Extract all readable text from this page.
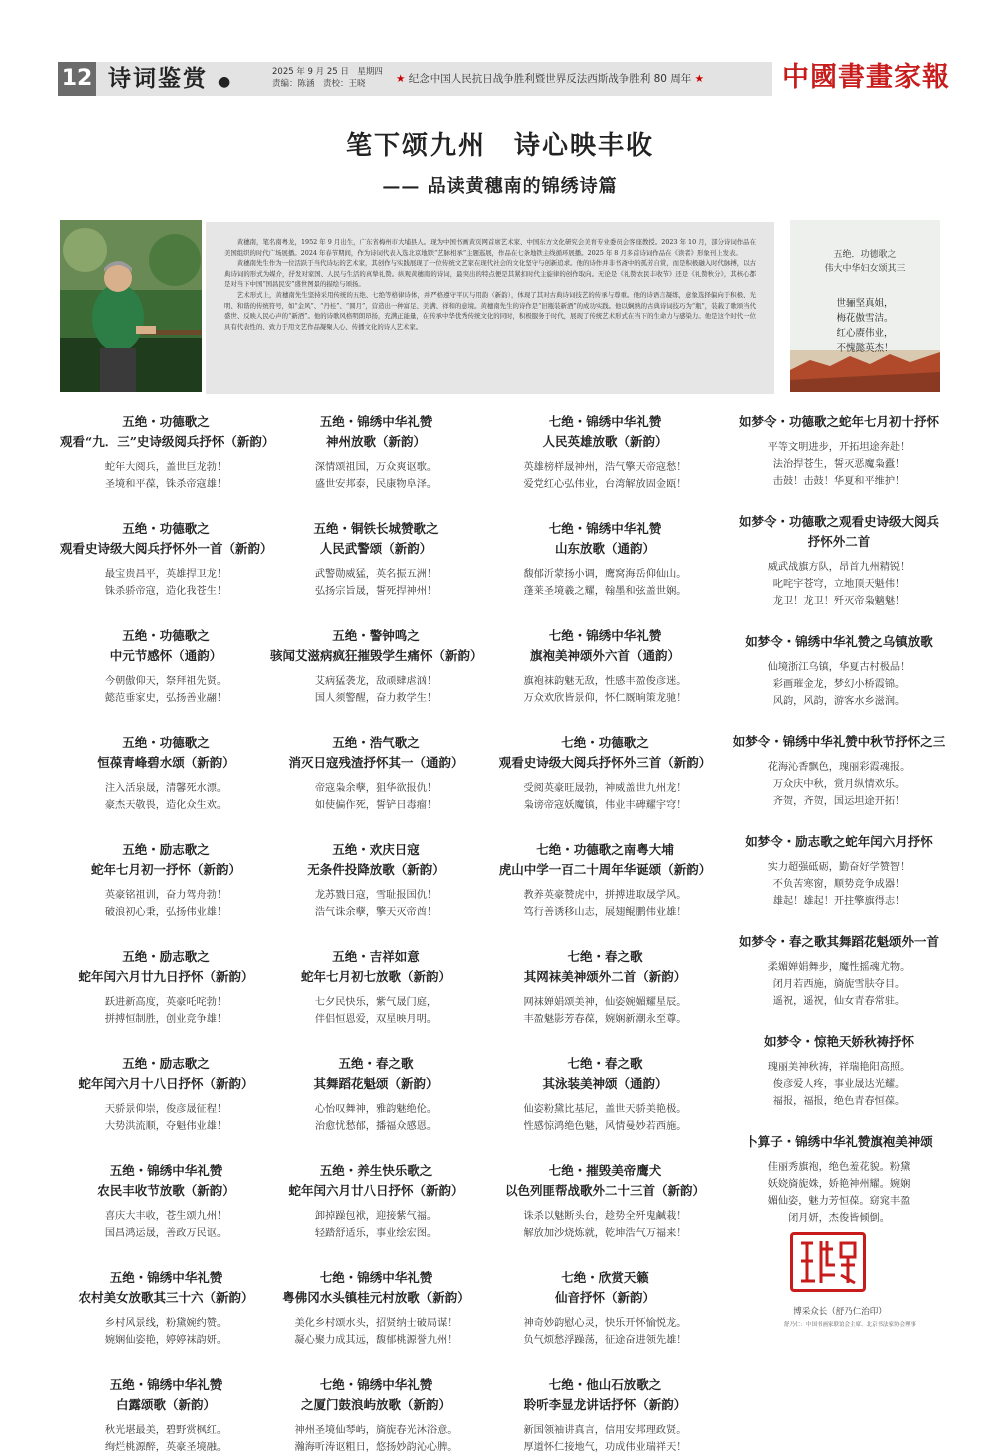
12 诗词鉴赏 ●
2025 年 9 月 25 日　星期四
责编：陈涵　责校：王晓	★ 纪念中国人民抗日战争胜利暨世界反法西斯战争胜利 80 周年 ★	中國書畫家報
笔下颂九州　诗心映丰收
—— 品读黄穗南的锦绣诗篇

黄穗南，笔名南粤龙，1952 年 9 月出生，广东省梅州市大埔县人。现为中国书画黄页网首席艺术家、中国东方文化研究会美育专业委员会客座教授。2023 年 10 月，部分诗词作品在美国组织的时代广场展播。2024 年春节期间，作为诗词代表入选北京地铁“艺脉相承”主题巡展，作品在七条地铁主线循环展播。2025 年 8 月多首诗词作品在《读者》形象刊上发表。

黄穗南先生作为一位活跃于当代诗坛的艺术家，其创作与实践展现了一位传统文艺家在现代社会的文化坚守与创新追求。他的诗作并非书斋中的孤芳自赏，而是积极融入时代脉搏，以古典诗词的形式为媒介，抒发对家国、人民与生活的真挚礼赞。纵观黄穗南的诗词，最突出的特点便是其紧扣时代主旋律的创作取向。无论是《礼赞农民丰收节》还是《礼赞秋分》，其核心都是对当下中国“国昌民安”盛世图景的描绘与颂扬。

艺术形式上，黄穗南先生坚持采用传统的五绝、七绝等格律诗体，并严格遵守平仄与用韵（新韵），体现了其对古典诗词技艺的传承与尊重。他的诗语言凝练，意象选择偏向于积极、光明、和谐的传统符号，如“金风”、“丹桂”、“圆月”，营造出一种富足、美满、祥和的意境。黄穗南先生的诗作是“旧瓶装新酒”的成功实践。他以娴熟的古典诗词技巧为“瓶”，装载了歌颂当代盛世、反映人民心声的“新酒”。他的诗歌风格明朗昂扬，充满正能量，在传承中华优秀传统文化的同时，积极服务于时代，展现了传统艺术形式在当下的生命力与感染力。他是这个时代一位具有代表性的、致力于用文艺作品凝聚人心、传播文化的诗人艺术家。

五绝．功德歌之
伟大中华妇女颂其三
世骊坚真姐，
梅花傲雪洁。
红心赓伟业，
不愧懿英杰！
五绝・功德歌之
观看“九．三”史诗级阅兵抒怀（新韵）
蛇年大阅兵，盖世巨龙勃！
圣境和平葆，铢杀帝寇雄！
五绝・功德歌之
观看史诗级大阅兵抒怀外一首（新韵）
最宝贵昌平，英雄捍卫龙！
铢杀骄帝寇，造化我苍生！
五绝・功德歌之
中元节感怀（通韵）
今朝傲仰天，祭拜祖先贤。
懿范垂家史，弘扬善业翮！
五绝・功德歌之
恒葆青峰碧水颂（新韵）
注入活泉晟，清馨死水漂。
豪杰天敬畏，造化众生欢。
五绝・励志歌之
蛇年七月初一抒怀（新韵）
英豪铭祖训，奋力驾舟勃！
破浪初心秉，弘扬伟业雄！
五绝・励志歌之
蛇年闰六月廿九日抒怀（新韵）
跃进新高度，英豪吒咤勃！
拼搏恒制胜，创业竞争雄！
五绝・励志歌之
蛇年闰六月十八日抒怀（新韵）
天骄景仰崇，俊彦晟征程！
大势洪流顺，夺魁伟业雄！
五绝・锦绣中华礼赞
农民丰收节放歌（新韵）
喜庆大丰收，苍生颂九州！
国昌鸿运晟，善政万民讴。
五绝・锦绣中华礼赞
农村美女放歌其三十六（新韵）
乡村风景线，粉黛婉约赞。
婉娴仙姿艳，婷婷袜韵妍。
五绝・锦绣中华礼赞
白露颂歌（新韵）
秋光堪最美，碧野赏枫红。
绚烂桃源醉，英豪圣境融。
五绝・锦绣中华礼赞
神州放歌（新韵）
深情颂祖国，万众爽讴歌。
盛世安邦泰，民康物阜泽。
五绝・铜铁长城赞歌之
人民武警颂（新韵）
武警勋威猛，英名振五洲！
弘扬宗旨晟，誓死捍神州！
五绝・警钟鸣之
骇闻艾滋病疯狂摧毁学生痛怀（新韵）
艾病猛袭龙，敌顽肆虐汹！
国人须警醒，奋力救学生！
五绝・浩气歌之
消灭日寇残渣抒怀其一（通韵）
帝寇枭余孽，狙华欲报仇！
如使偏作死，誓铲日毒瘤！
五绝・欢庆日寇
无条件投降放歌（新韵）
龙苏戮日寇，雪耻报国仇！
浩气诛余孽，擎天灭帝酋！
五绝・吉祥如意
蛇年七月初七放歌（新韵）
七夕民快乐，紫气晟门庭，
伴侣恒恩爱，双星映月明。
五绝・春之歌
其舞蹈花魁颂（新韵）
心怡叹舞神，雅韵魅绝伦。
治愈忧愁郁，播福众感恩。
五绝・养生快乐歌之
蛇年闰六月廿八日抒怀（新韵）
卸掉躁包袱，迎接紫气福。
轻踏舒适乐，事业绘宏图。
七绝・锦绣中华礼赞
粤佛冈水头镇桂元村放歌（新韵）
美化乡村颂水头，招贤纳士破局谋！
凝心聚力成其远，馥郁桃源誉九州！
七绝・锦绣中华礼赞
之厦门鼓浪屿放歌（新韵）
神州圣境仙琴屿，旖旎春光沐浴意。
瀚海听涛讴粗日，悠扬妙韵沁心脾。
七绝・锦绣中华礼赞
人民英雄放歌（新韵）
英雄榜样晟神州，浩气擎天帝寇愁！
爱党红心弘伟业，台湾解放固金瓯！
七绝・锦绣中华礼赞
山东放歌（通韵）
馥郁沂蒙扬小调，鹰窝海岳仰仙山。
蓬莱圣境羲之耀，翰墨和弦盖世娴。
七绝・锦绣中华礼赞
旗袍美神颂外六首（通韵）
旗袍袜韵魅无敌，性感丰盈俊彦迷。
万众欢欣皆景仰，怀仁厩晌策龙驰！
七绝・功德歌之
观看史诗级大阅兵抒怀外三首（新韵）
受阅英豪旺晟勃，神威盖世九州龙！
枭谤帝寇妖魔镇，伟业丰碑耀宇穹！
七绝・功德歌之南粤大埔
虎山中学一百二十周年华诞颂（新韵）
教养英豪赞虎中，拼搏进取晟学风。
笃行善诱移山志，展翅鲲鹏伟业雄！
七绝・春之歌
其网袜美神颂外二首（新韵）
网袜婵娟颂美神，仙姿婉媚耀星辰。
丰盈魅影芳春葆，婉娴新潮永至尊。
七绝・春之歌
其泳装美神颂（通韵）
仙姿粉黛比基尼，盖世天骄美艳极。
性感惊鸿绝色魅，风情曼妙若西施。
七绝・摧毁美帝鹰犬
以色列匪帮战歌外二十三首（新韵）
诛杀以魅断头台，趁势全歼鬼鹹栽！
解放加沙烧炼就，乾坤浩气万福来！
七绝・欣赏天籁
仙音抒怀（新韵）
神奇妙韵慰心灵，快乐开怀愉悦龙。
负气烦愁浮躁荡，征途奋进领先雄！
七绝・他山石放歌之
聆听李显龙讲话抒怀（新韵）
新国领袖讲真言，信用安邦理政贤。
厚道怀仁接地气，功成伟业瑞祥天！
如梦令・功德歌之蛇年七月初十抒怀
平等文明进步，开拓坦途奔赴！
法治捍苍生，誓灭恶魔枭蠹！
击鼓！击鼓！华夏和平维护！
如梦令・功德歌之观看史诗级大阅兵
抒怀外二首
威武战旗方队，昂首九州精锐！
叱咤宇苍穹，立地顶天魁伟！
龙卫！龙卫！歼灭帝枭魑魅！
如梦令・锦绣中华礼赞之乌镇放歌
仙境浙江乌镇，华夏古村极品！
彩画璀金龙，梦幻小桥霞锦。
风韵，风韵，游客水乡滋润。
如梦令・锦绣中华礼赞中秋节抒怀之三
花海沁香飘色，瑰丽彩霞魂报。
万众庆中秋，赏月纵情欢乐。
齐贺，齐贺，国运坦途开拓！
如梦令・励志歌之蛇年闰六月抒怀
实力超强砥砺，勤奋好学赞智！
不负苦寒窗，顺势竞争成器！
雄起！雄起！开拄擎旗得志！
如梦令・春之歌其舞蹈花魁颂外一首
柔媚婵娟舞步，魔性摇魂尤物。
闭月若西施，旖旎雪肤夺目。
遥祝，遥祝，仙女青春常驻。
如梦令・惊艳天娇秋祷抒怀
瑰丽美神秋祷，祥瑞艳阳高照。
俊彦爱人疼，事业晟达光耀。
福报，福报，绝色青春恒葆。
卜算子・锦绣中华礼赞旗袍美神颂
佳丽秀旗袍，绝色羞花貌。粉黛
妖娆旖旎姝，娇艳神州耀。婉娴
媚仙姿，魅力芳恒葆。窈窕丰盈
闭月妍，杰俊皆倾倒。
博采众长（舒乃仁治印）
舒乃仁：中国书画家联谊会主席、北京书法家协会理事
